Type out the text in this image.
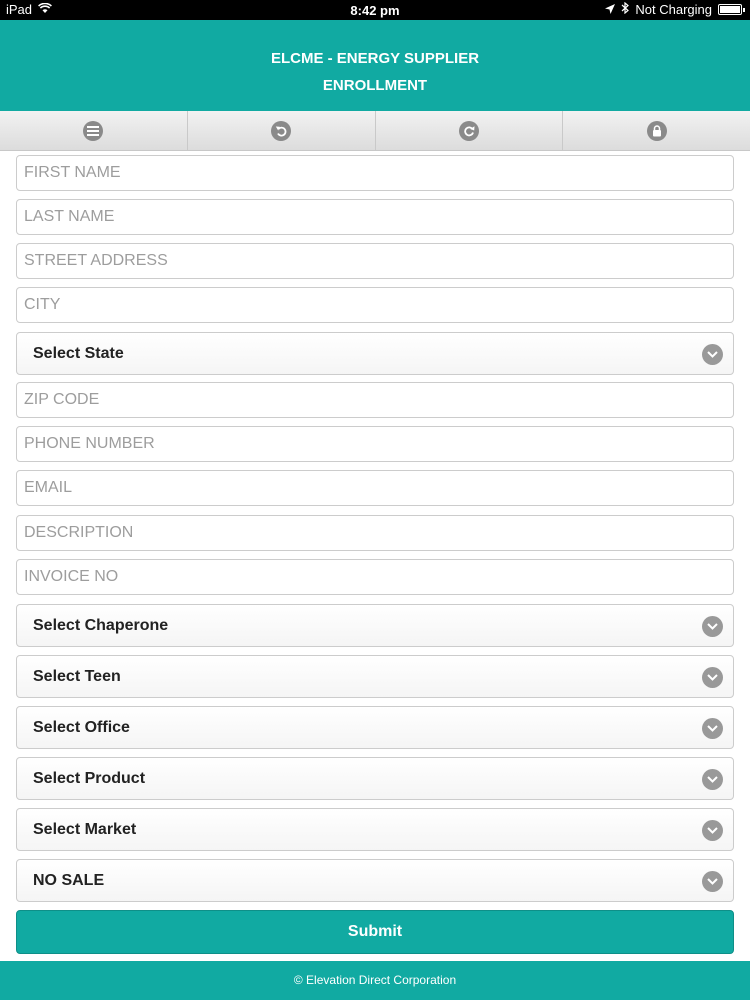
iPad	8:42 pm	Not Charging
ELCME - ENERGY SUPPLIER
ENROLLMENT
FIRST NAME
LAST NAME
STREET ADDRESS
CITY
Select State
ZIP CODE
PHONE NUMBER
EMAIL
DESCRIPTION
INVOICE NO
Select Chaperone
Select Teen
Select Office
Select Product
Select Market
NO SALE
Submit
© Elevation Direct Corporation
